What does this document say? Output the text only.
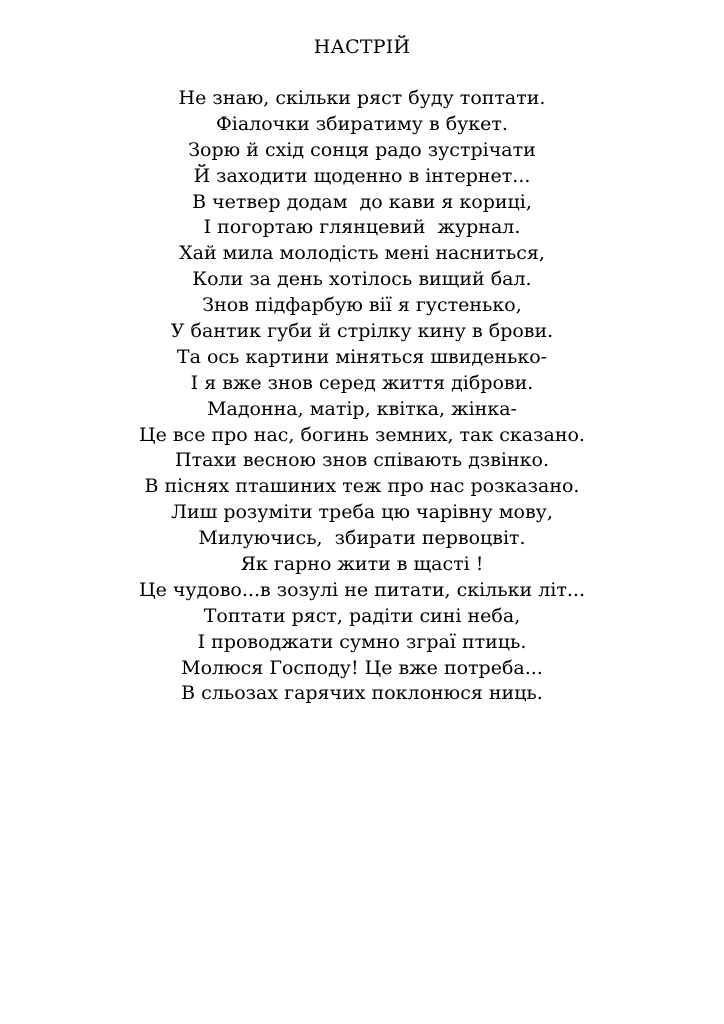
НАСТРІЙ
Не знаю, скільки ряст буду топтати.
Фіалочки збиратиму в букет.
Зорю й схід сонця радо зустрічати
Й заходити щоденно в інтернет...
В четвер додам  до кави я кориці,
І погортаю глянцевий  журнал.
Хай мила молодість мені насниться,
Коли за день хотілось вищий бал.
Знов підфарбую вії я густенько,
У бантик губи й стрілку кину в брови.
Та ось картини міняться швиденько-
І я вже знов серед життя діброви.
Мадонна, матір, квітка, жінка-
Це все про нас, богинь земних, так сказано.
Птахи весною знов співають дзвінко.
В піснях пташиних теж про нас розказано.
Лиш розуміти треба цю чарівну мову,
Милуючись,  збирати первоцвіт.
Як гарно жити в щасті !
Це чудово...в зозулі не питати, скільки літ...
Топтати ряст, радіти сині неба,
І проводжати сумно зграї птиць.
Молюся Господу! Це вже потреба...
В сльозах гарячих поклонюся ниць.
